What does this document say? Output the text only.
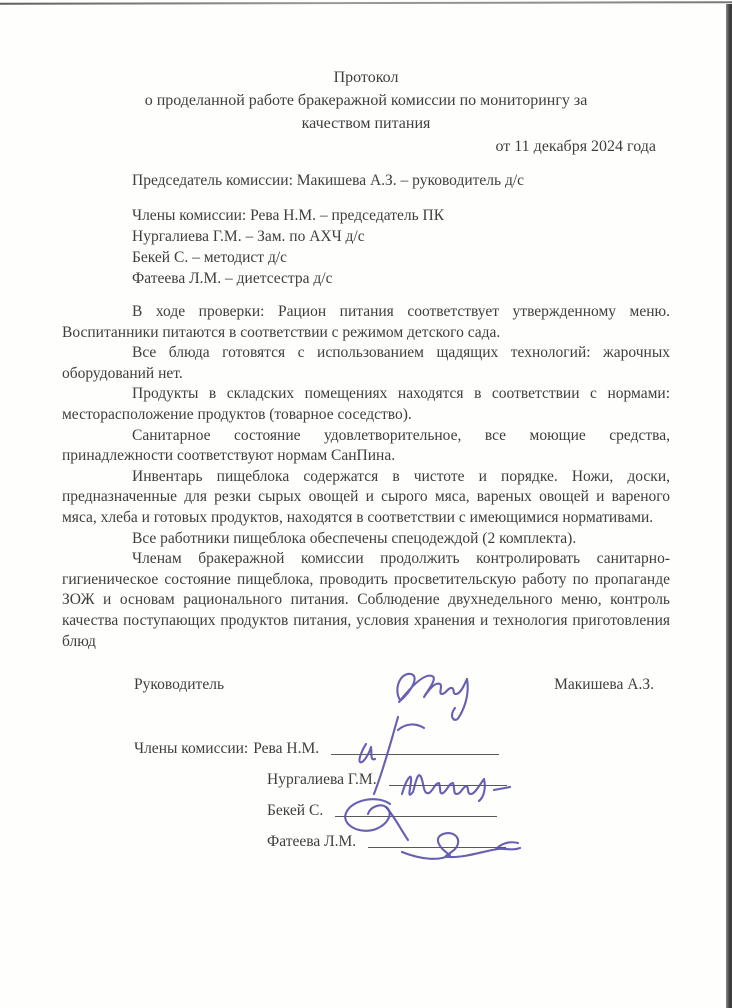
Протокол
о проделанной работе бракеражной комиссии по мониторингу за
качеством питания
от 11 декабря 2024 года

Председатель комиссии: Макишева А.З. – руководитель д/с

Члены комиссии: Рева Н.М. – председатель ПК
Нургалиева Г.М. – Зам. по АХЧ д/с
Бекей С. – методист д/с
Фатеева Л.М. – диетсестра д/с

В ходе проверки: Рацион питания соответствует утвержденному меню. Воспитанники питаются в соответствии с режимом детского сада.

Все блюда готовятся с использованием щадящих технологий: жарочных оборудований нет.

Продукты в складских помещениях находятся в соответствии с нормами: месторасположение продуктов (товарное соседство).

Санитарное состояние удовлетворительное, все моющие средства, принадлежности соответствуют нормам СанПина.

Инвентарь пищеблока содержатся в чистоте и порядке. Ножи, доски, предназначенные для резки сырых овощей и сырого мяса, вареных овощей и вареного мяса, хлеба и готовых продуктов, находятся в соответствии с имеющимися нормативами.

Все работники пищеблока обеспечены спецодеждой (2 комплекта).

Членам бракеражной комиссии продолжить контролировать санитарно-гигиеническое состояние пищеблока, проводить просветительскую работу по пропаганде ЗОЖ и основам рационального питания. Соблюдение двухнедельного меню, контроль качества поступающих продуктов питания, условия хранения и технология приготовления блюд

Руководитель	Макишева А.З.
Члены комиссии: Рева Н.М.
Нургалиева Г.М.
Бекей С.
Фатеева Л.М.
